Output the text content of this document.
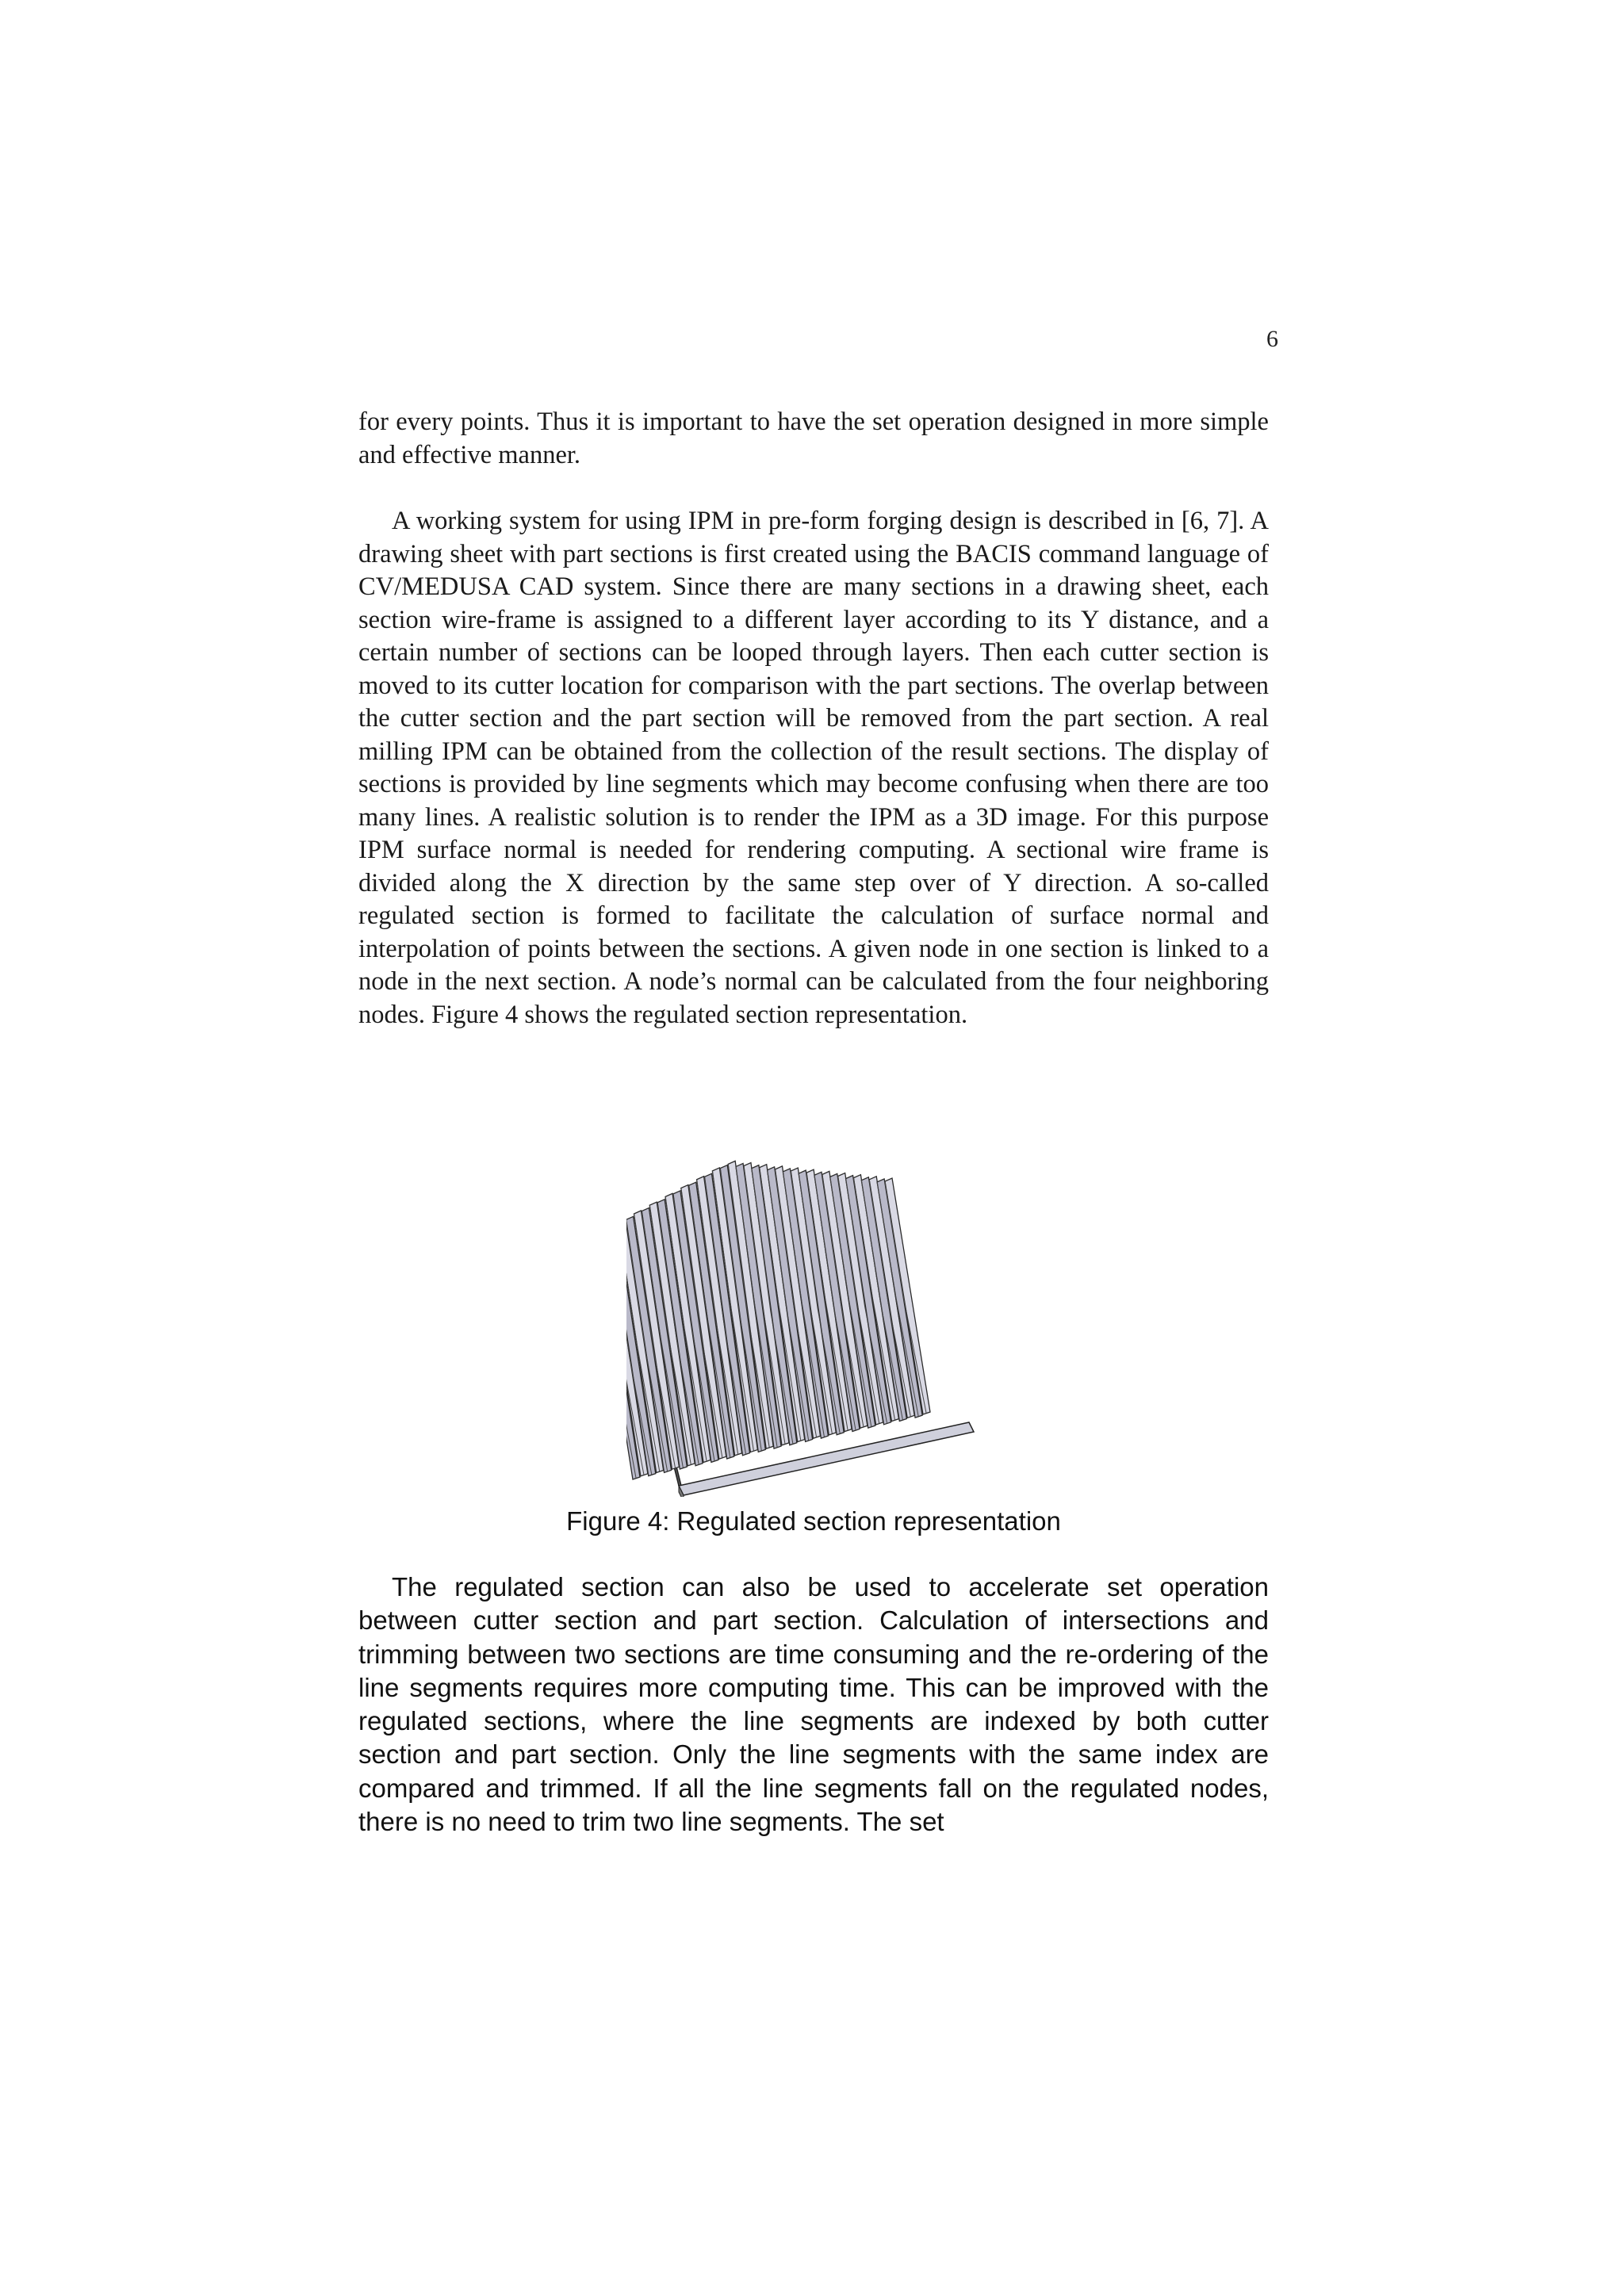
6

for every points. Thus it is important to have the set operation designed in more simple and effective manner.

A working system for using IPM in pre-form forging design is described in [6, 7]. A drawing sheet with part sections is first created using the BACIS command language of CV/MEDUSA CAD system. Since there are many sections in a drawing sheet, each section wire-frame is assigned to a different layer according to its Y distance, and a certain number of sections can be looped through layers. Then each cutter section is moved to its cutter location for comparison with the part sections. The overlap between the cutter section and the part section will be removed from the part section. A real milling IPM can be obtained from the collection of the result sections. The display of sections is provided by line segments which may become confusing when there are too many lines. A realistic solution is to render the IPM as a 3D image. For this purpose IPM surface normal is needed for rendering computing. A sectional wire frame is divided along the X direction by the same step over of Y direction. A so-called regulated section is formed to facilitate the calculation of surface normal and interpolation of points between the sections. A given node in one section is linked to a node in the next section. A node’s normal can be calculated from the four neighboring nodes. Figure 4 shows the regulated section representation.

Figure 4: Regulated section representation

The regulated section can also be used to accelerate set operation between cutter section and part section. Calculation of intersections and trimming between two sections are time consuming and the re-ordering of the line segments requires more computing time. This can be improved with the regulated sections, where the line segments are indexed by both cutter section and part section. Only the line segments with the same index are compared and trimmed. If all the line segments fall on the regulated nodes, there is no need to trim two line segments. The set
